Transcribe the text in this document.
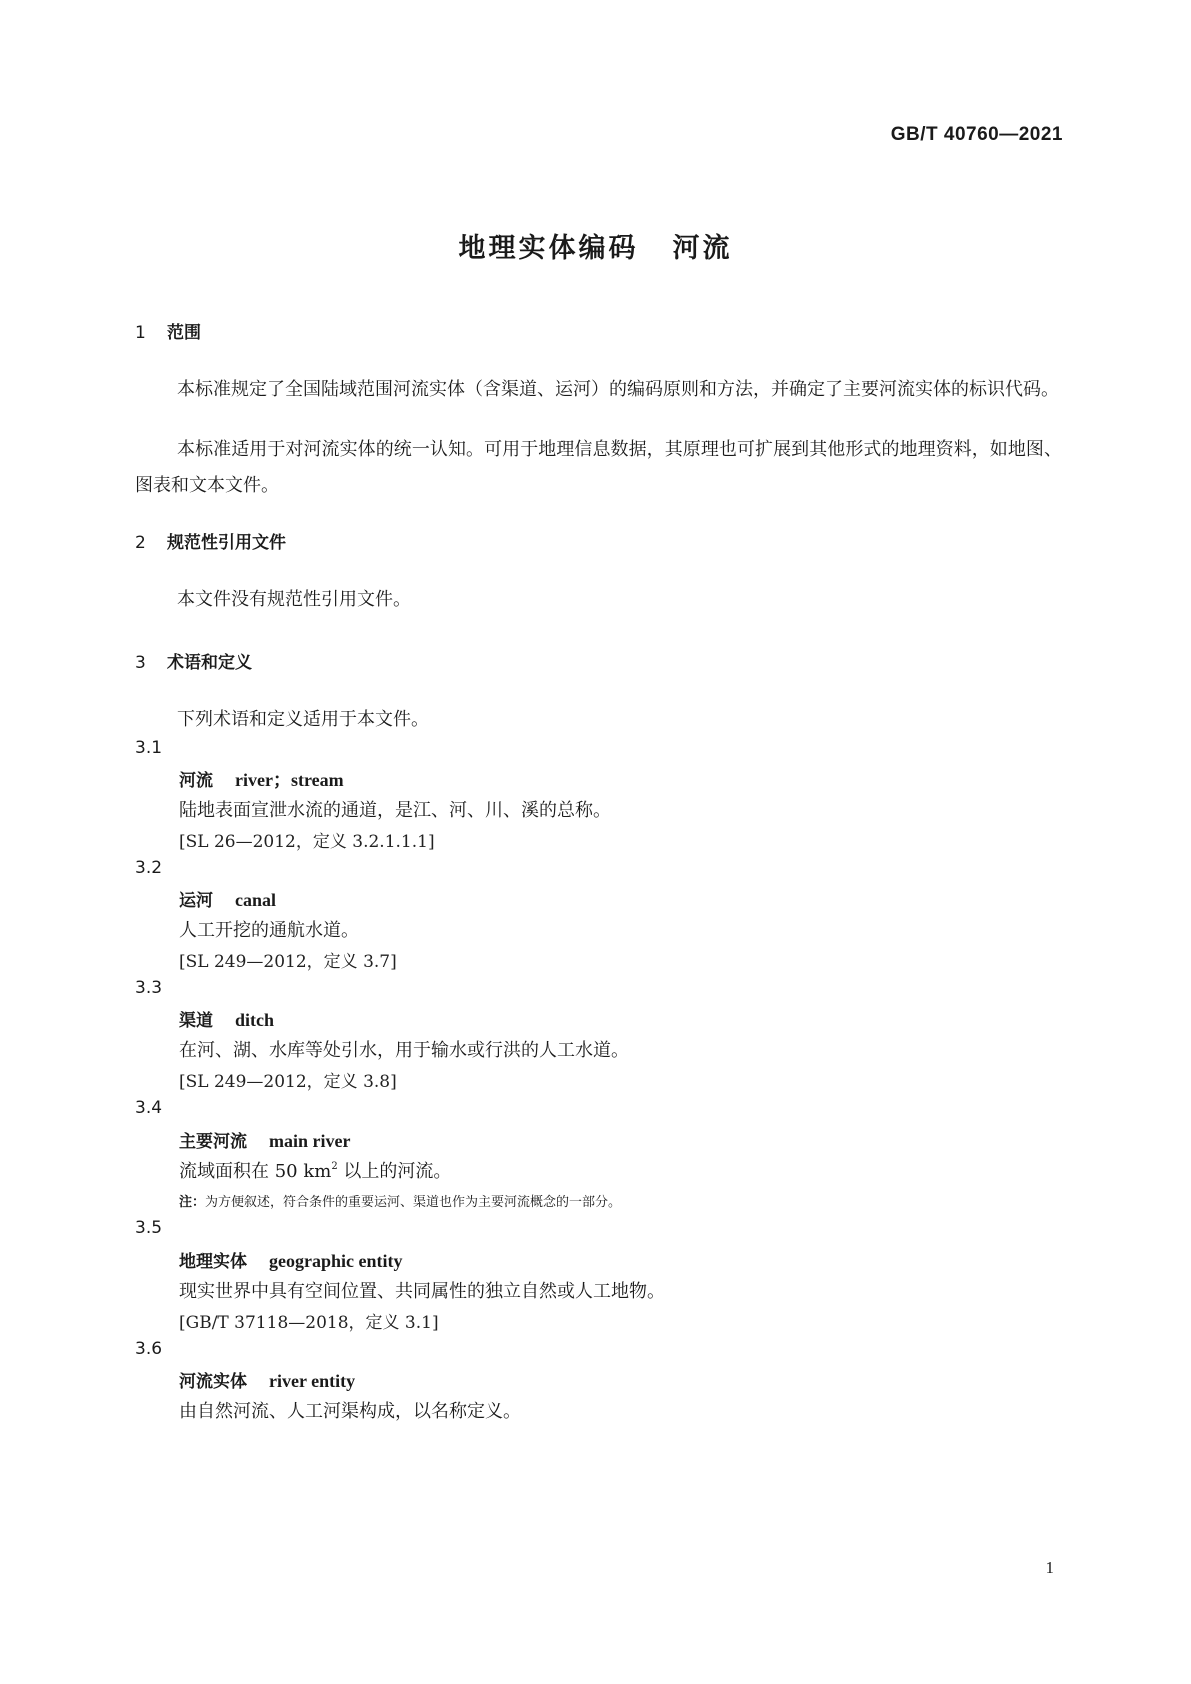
GB/T 40760—2021
地理实体编码 河流
1 范围
本标准规定了全国陆域范围河流实体（含渠道、运河）的编码原则和方法，并确定了主要河流实体的标识代码。
本标准适用于对河流实体的统一认知。可用于地理信息数据，其原理也可扩展到其他形式的地理资料，如地图、图表和文本文件。
2 规范性引用文件
本文件没有规范性引用文件。
3 术语和定义
下列术语和定义适用于本文件。
3.1
河流 river；stream
陆地表面宣泄水流的通道，是江、河、川、溪的总称。
[SL 26—2012，定义 3.2.1.1.1]
3.2
运河 canal
人工开挖的通航水道。
[SL 249—2012，定义 3.7]
3.3
渠道 ditch
在河、湖、水库等处引水，用于输水或行洪的人工水道。
[SL 249—2012，定义 3.8]
3.4
主要河流 main river
流域面积在 50 $km^2$ 以上的河流。
注：为方便叙述，符合条件的重要运河、渠道也作为主要河流概念的一部分。
3.5
地理实体 geographic entity
现实世界中具有空间位置、共同属性的独立自然或人工地物。
[GB/T 37118—2018，定义 3.1]
3.6
河流实体 river entity
由自然河流、人工河渠构成，以名称定义。
1
